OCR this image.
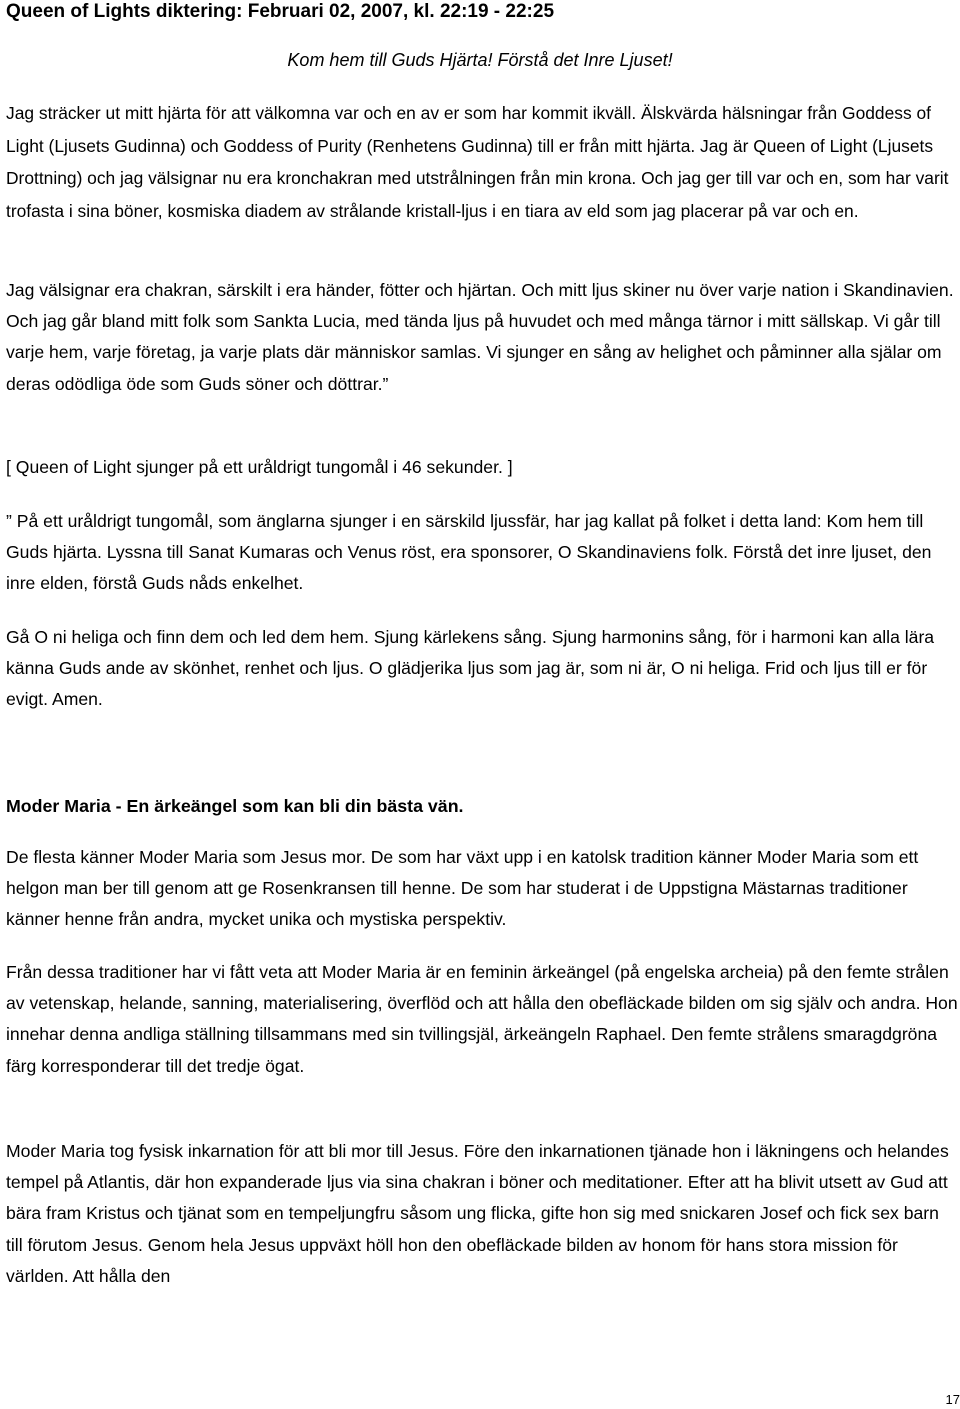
Queen of Lights diktering: Februari 02, 2007, kl. 22:19 - 22:25
Kom hem till Guds Hjärta! Förstå det Inre Ljuset!

Jag sträcker ut mitt hjärta för att välkomna var och en av er som har kommit ikväll. Älskvärda hälsningar från Goddess of Light (Ljusets Gudinna) och Goddess of Purity (Renhetens Gudinna) till er från mitt hjärta. Jag är Queen of Light (Ljusets Drottning) och jag välsignar nu era kronchakran med utstrålningen från min krona. Och jag ger till var och en, som har varit trofasta i sina böner, kosmiska diadem av strålande kristall-ljus i en tiara av eld som jag placerar på var och en.

Jag välsignar era chakran, särskilt i era händer, fötter och hjärtan. Och mitt ljus skiner nu över varje nation i Skandinavien. Och jag går bland mitt folk som Sankta Lucia, med tända ljus på huvudet och med många tärnor i mitt sällskap. Vi går till varje hem, varje företag, ja varje plats där människor samlas. Vi sjunger en sång av helighet och påminner alla själar om deras odödliga öde som Guds söner och döttrar.”

[ Queen of Light sjunger på ett uråldrigt tungomål i 46 sekunder. ]

” På ett uråldrigt tungomål, som änglarna sjunger i en särskild ljussfär, har jag kallat på folket i detta land: Kom hem till Guds hjärta. Lyssna till Sanat Kumaras och Venus röst, era sponsorer, O Skandinaviens folk. Förstå det inre ljuset, den inre elden, förstå Guds nåds enkelhet.

Gå O ni heliga och finn dem och led dem hem. Sjung kärlekens sång. Sjung harmonins sång, för i harmoni kan alla lära känna Guds ande av skönhet, renhet och ljus. O glädjerika ljus som jag är, som ni är, O ni heliga. Frid och ljus till er för evigt. Amen.

Moder Maria - En ärkeängel som kan bli din bästa vän.

De flesta känner Moder Maria som Jesus mor. De som har växt upp i en katolsk tradition känner Moder Maria som ett helgon man ber till genom att ge Rosenkransen till henne. De som har studerat i de Uppstigna Mästarnas traditioner känner henne från andra, mycket unika och mystiska perspektiv.

Från dessa traditioner har vi fått veta att Moder Maria är en feminin ärkeängel (på engelska archeia) på den femte strålen av vetenskap, helande, sanning, materialisering, överflöd och att hålla den obefläckade bilden om sig själv och andra. Hon innehar denna andliga ställning tillsammans med sin tvillingsjäl, ärkeängeln Raphael. Den femte strålens smaragdgröna färg korresponderar till det tredje ögat.

Moder Maria tog fysisk inkarnation för att bli mor till Jesus. Före den inkarnationen tjänade hon i läkningens och helandes tempel på Atlantis, där hon expanderade ljus via sina chakran i böner och meditationer. Efter att ha blivit utsett av Gud att bära fram Kristus och tjänat som en tempeljungfru såsom ung flicka, gifte hon sig med snickaren Josef och fick sex barn till förutom Jesus. Genom hela Jesus uppväxt höll hon den obefläckade bilden av honom för hans stora mission för världen. Att hålla den

17
